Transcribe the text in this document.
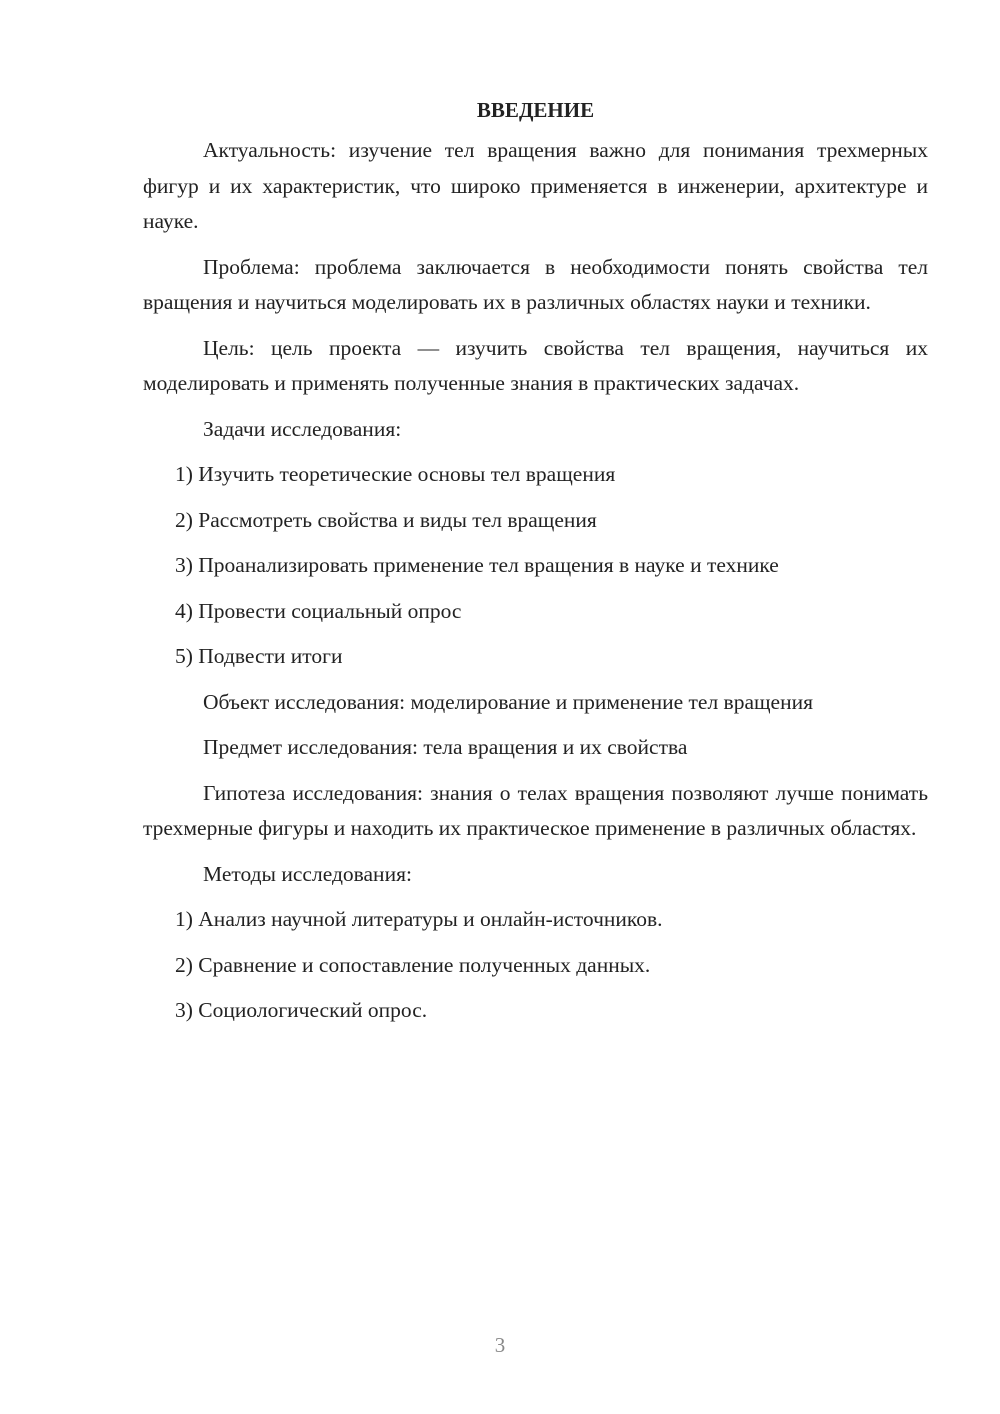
ВВЕДЕНИЕ
Актуальность: изучение тел вращения важно для понимания трехмерных фигур и их характеристик, что широко применяется в инженерии, архитектуре и науке.
Проблема: проблема заключается в необходимости понять свойства тел вращения и научиться моделировать их в различных областях науки и техники.
Цель: цель проекта — изучить свойства тел вращения, научиться их моделировать и применять полученные знания в практических задачах.
Задачи исследования:
1) Изучить теоретические основы тел вращения
2) Рассмотреть свойства и виды тел вращения
3) Проанализировать применение тел вращения в науке и технике
4) Провести социальный опрос
5) Подвести итоги
Объект исследования: моделирование и применение тел вращения
Предмет исследования: тела вращения и их свойства
Гипотеза исследования: знания о телах вращения позволяют лучше понимать трехмерные фигуры и находить их практическое применение в различных областях.
Методы исследования:
1) Анализ научной литературы и онлайн-источников.
2) Сравнение и сопоставление полученных данных.
3) Социологический опрос.
3
